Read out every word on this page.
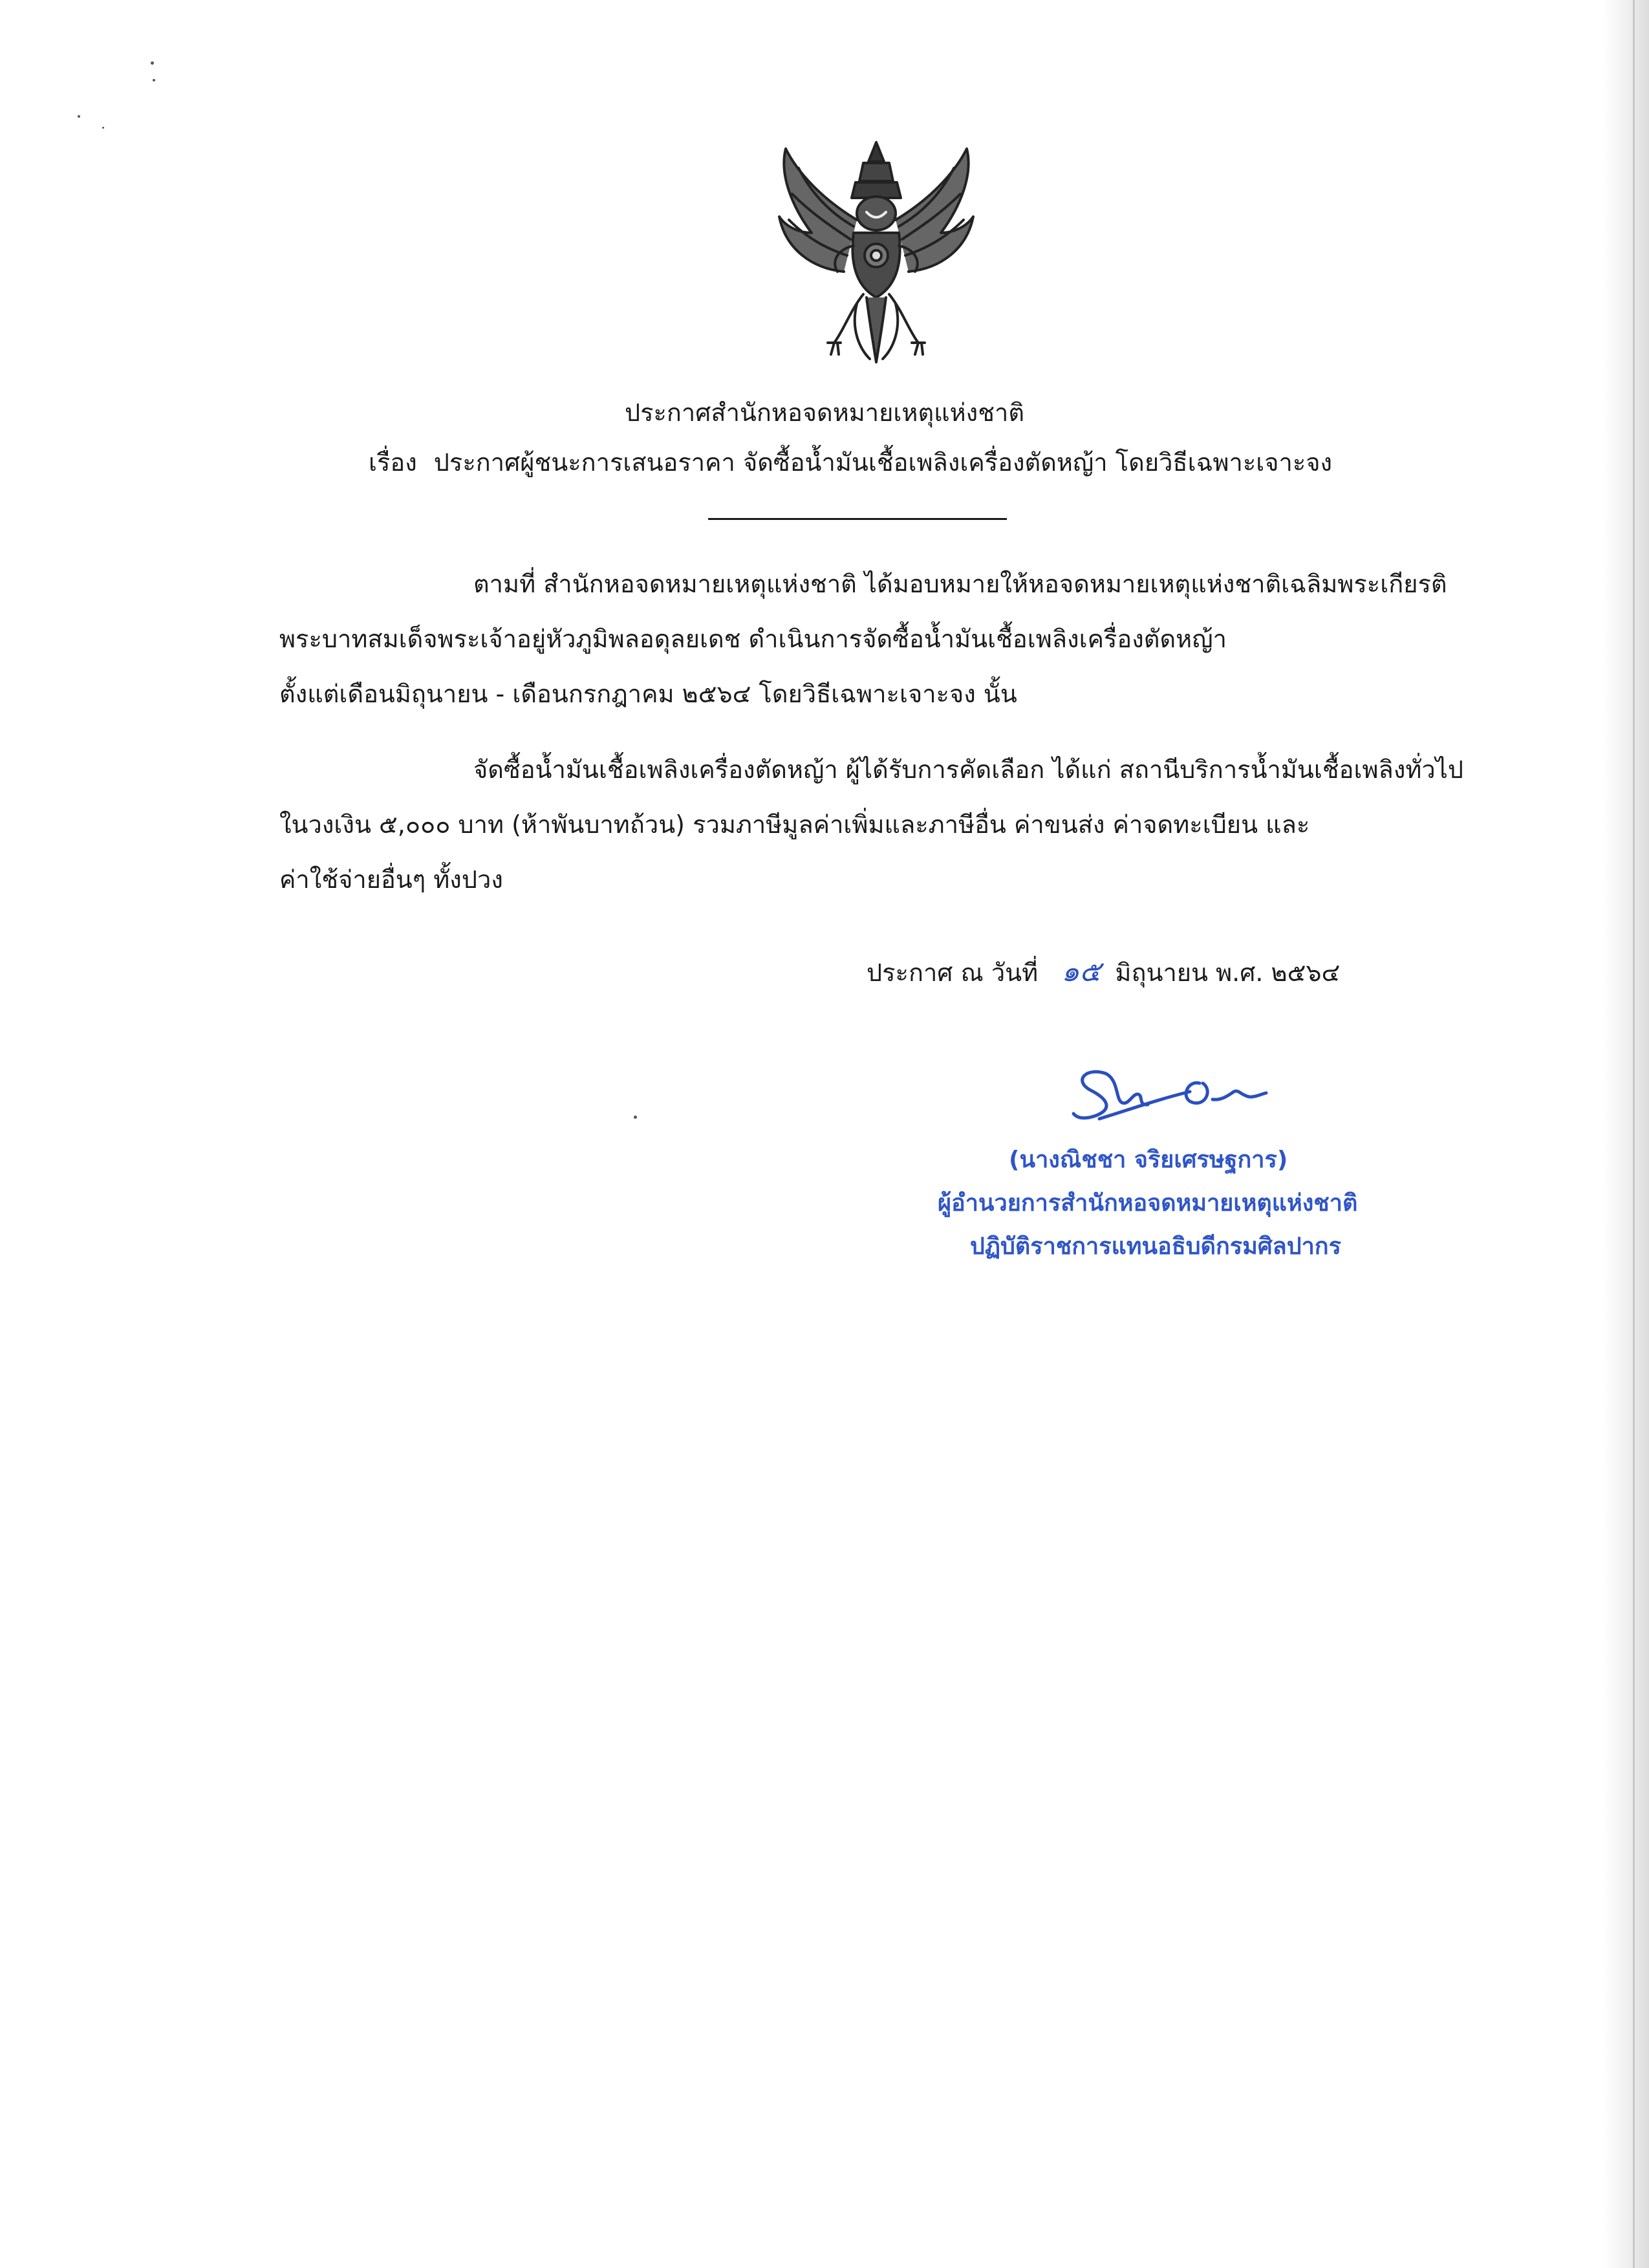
ประกาศสำนักหอจดหมายเหตุแห่งชาติ
เรื่อง ประกาศผู้ชนะการเสนอราคา จัดซื้อน้ำมันเชื้อเพลิงเครื่องตัดหญ้า โดยวิธีเฉพาะเจาะจง
ตามที่ สำนักหอจดหมายเหตุแห่งชาติ ได้มอบหมายให้หอจดหมายเหตุแห่งชาติเฉลิมพระเกียรติ
พระบาทสมเด็จพระเจ้าอยู่หัวภูมิพลอดุลยเดช ดำเนินการจัดซื้อน้ำมันเชื้อเพลิงเครื่องตัดหญ้า
ตั้งแต่เดือนมิถุนายน - เดือนกรกฎาคม ๒๕๖๔ โดยวิธีเฉพาะเจาะจง นั้น
จัดซื้อน้ำมันเชื้อเพลิงเครื่องตัดหญ้า ผู้ได้รับการคัดเลือก ได้แก่ สถานีบริการน้ำมันเชื้อเพลิงทั่วไป
ในวงเงิน ๕,๐๐๐ บาท (ห้าพันบาทถ้วน) รวมภาษีมูลค่าเพิ่มและภาษีอื่น ค่าขนส่ง ค่าจดทะเบียน และ
ค่าใช้จ่ายอื่นๆ ทั้งปวง
ประกาศ ณ วันที่ ๑๕ มิถุนายน พ.ศ. ๒๕๖๔
(นางณิชชา จริยเศรษฐการ)
ผู้อำนวยการสำนักหอจดหมายเหตุแห่งชาติ
ปฏิบัติราชการแทนอธิบดีกรมศิลปากร
